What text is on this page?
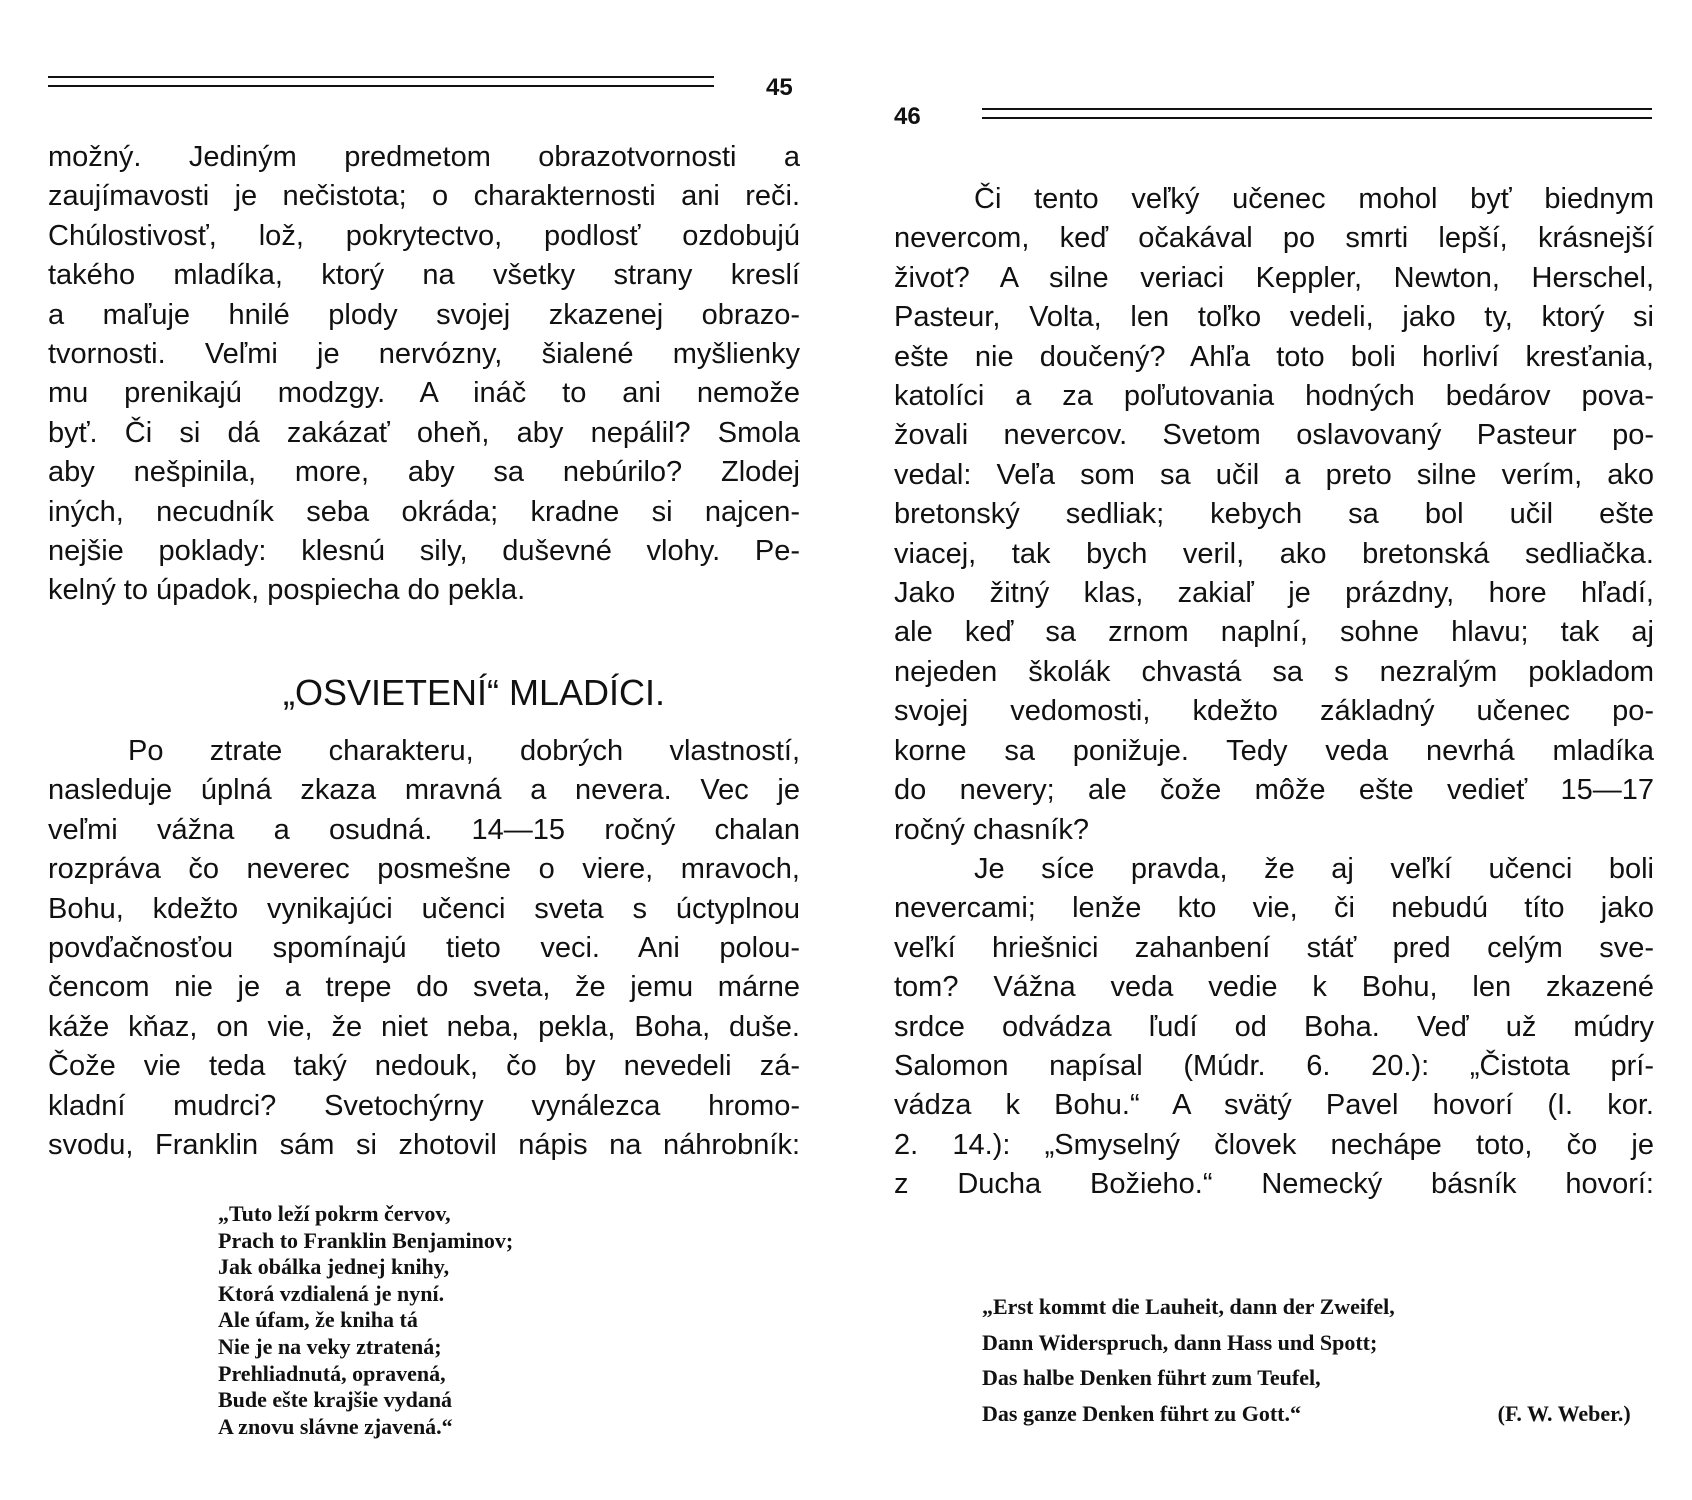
45
možný. Jediným predmetom obrazotvornosti a
zaujímavosti je nečistota; o charakternosti ani reči.
Chúlostivosť, lož, pokrytectvo, podlosť ozdobujú
takého mladíka, ktorý na všetky strany kreslí
a maľuje hnilé plody svojej zkazenej obrazo-
tvornosti. Veľmi je nervózny, šialené myšlienky
mu prenikajú modzgy. A ináč to ani nemože
byť. Či si dá zakázať oheň, aby nepálil? Smola
aby nešpinila, more, aby sa nebúrilo? Zlodej
iných, necudník seba okráda; kradne si najcen-
nejšie poklady: klesnú sily, duševné vlohy. Pe-
kelný to úpadok, pospiecha do pekla.
„OSVIETENÍ“ MLADÍCI.
Po ztrate charakteru, dobrých vlastností,
nasleduje úplná zkaza mravná a nevera. Vec je
veľmi vážna a osudná. 14—15 ročný chalan
rozpráva čo neverec posmešne o viere, mravoch,
Bohu, kdežto vynikajúci učenci sveta s úctyplnou
povďačnosťou spomínajú tieto veci. Ani polou-
čencom nie je a trepe do sveta, že jemu márne
káže kňaz, on vie, že niet neba, pekla, Boha, duše.
Čože vie teda taký nedouk, čo by nevedeli zá-
kladní mudrci? Svetochýrny vynálezca hromo-
svodu, Franklin sám si zhotovil nápis na náhrobník:
„Tuto leží pokrm červov,
Prach to Franklin Benjaminov;
Jak obálka jednej knihy,
Ktorá vzdialená je nyní.
Ale úfam, že kniha tá
Nie je na veky ztratená;
Prehliadnutá, opravená,
Bude ešte krajšie vydaná
A znovu slávne zjavená.“
46
Či tento veľký učenec mohol byť biednym
nevercom, keď očakával po smrti lepší, krásnejší
život? A silne veriaci Keppler, Newton, Herschel,
Pasteur, Volta, len toľko vedeli, jako ty, ktorý si
ešte nie doučený? Ahľa toto boli horliví kresťania,
katolíci a za poľutovania hodných bedárov pova-
žovali nevercov. Svetom oslavovaný Pasteur po-
vedal: Veľa som sa učil a preto silne verím, ako
bretonský sedliak; kebych sa bol učil ešte
viacej, tak bych veril, ako bretonská sedliačka.
Jako žitný klas, zakiaľ je prázdny, hore hľadí,
ale keď sa zrnom naplní, sohne hlavu; tak aj
nejeden školák chvastá sa s nezralým pokladom
svojej vedomosti, kdežto základný učenec po-
korne sa ponižuje. Tedy veda nevrhá mladíka
do nevery; ale čože môže ešte vedieť 15—17
ročný chasník?
Je síce pravda, že aj veľkí učenci boli
nevercami; lenže kto vie, či nebudú títo jako
veľkí hriešnici zahanbení stáť pred celým sve-
tom? Vážna veda vedie k Bohu, len zkazené
srdce odvádza ľudí od Boha. Veď už múdry
Salomon napísal (Múdr. 6. 20.): „Čistota prí-
vádza k Bohu.“ A svätý Pavel hovorí (I. kor.
2. 14.): „Smyselný človek nechápe toto, čo je
z Ducha Božieho.“ Nemecký básník hovorí:
„Erst kommt die Lauheit, dann der Zweifel,
Dann Widerspruch, dann Hass und Spott;
Das halbe Denken führt zum Teufel,
Das ganze Denken führt zu Gott.“	(F. W. Weber.)
